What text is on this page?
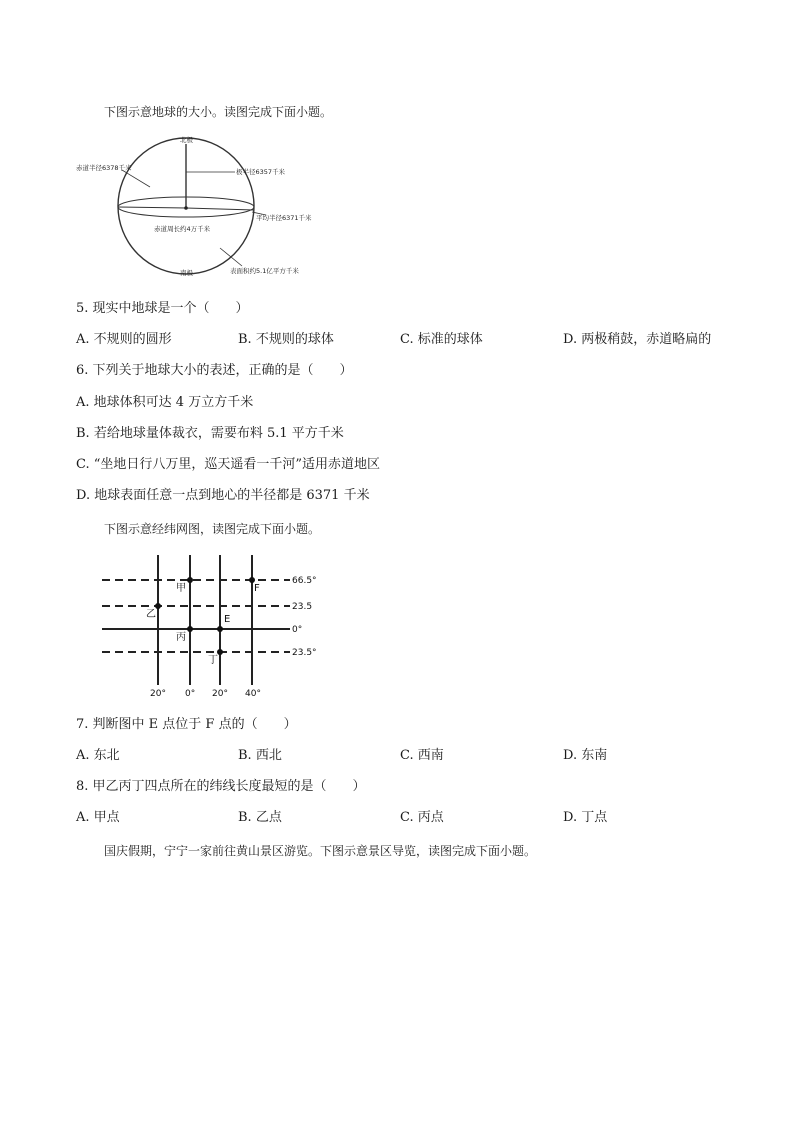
下图示意地球的大小。读图完成下面小题。
北极
南极
赤道半径6378千米	极半径6357千米
平均半径6371千米
赤道周长约4万千米
表面积约5.1亿平方千米
5. 现实中地球是一个（　　）
A. 不规则的圆形	B. 不规则的球体	C. 标准的球体	D. 两极稍鼓，赤道略扁的
6. 下列关于地球大小的表述，正确的是（　　）
A. 地球体积可达 4 万立方千米
B. 若给地球量体裁衣，需要布料 5.1 平方千米
C. “坐地日行八万里，巡天遥看一千河”适用赤道地区
D. 地球表面任意一点到地心的半径都是 6371 千米
下图示意经纬网图，读图完成下面小题。
甲	F
乙
丙
E
丁
66.5°
23.5
0°
23.5°
20° 0° 20° 40°
7. 判断图中 E 点位于 F 点的（　　）
A. 东北	B. 西北	C. 西南	D. 东南
8. 甲乙丙丁四点所在的纬线长度最短的是（　　）
A. 甲点	B. 乙点	C. 丙点	D. 丁点
国庆假期，宁宁一家前往黄山景区游览。下图示意景区导览，读图完成下面小题。
